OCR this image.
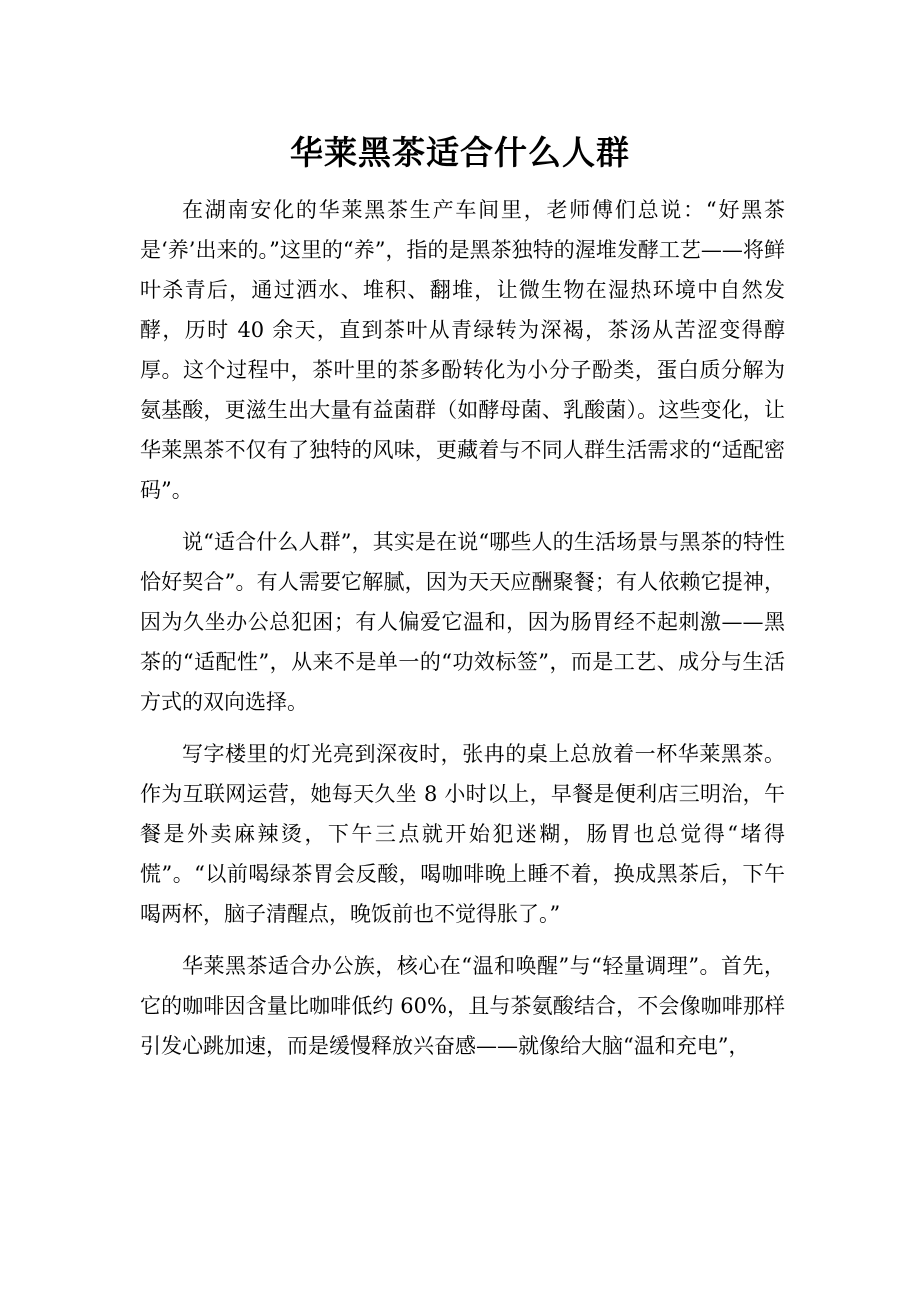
华莱黑茶适合什么人群

在湖南安化的华莱黑茶生产车间里，老师傅们总说：“好黑茶是‘养’出来的。”这里的“养”，指的是黑茶独特的渥堆发酵工艺——将鲜叶杀青后，通过洒水、堆积、翻堆，让微生物在湿热环境中自然发酵，历时 40 余天，直到茶叶从青绿转为深褐，茶汤从苦涩变得醇厚。这个过程中，茶叶里的茶多酚转化为小分子酚类，蛋白质分解为氨基酸，更滋生出大量有益菌群（如酵母菌、乳酸菌）。这些变化，让华莱黑茶不仅有了独特的风味，更藏着与不同人群生活需求的“适配密码”。

说“适合什么人群”，其实是在说“哪些人的生活场景与黑茶的特性恰好契合”。有人需要它解腻，因为天天应酬聚餐；有人依赖它提神，因为久坐办公总犯困；有人偏爱它温和，因为肠胃经不起刺激——黑茶的“适配性”，从来不是单一的“功效标签”，而是工艺、成分与生活方式的双向选择。

写字楼里的灯光亮到深夜时，张冉的桌上总放着一杯华莱黑茶。作为互联网运营，她每天久坐 8 小时以上，早餐是便利店三明治，午餐是外卖麻辣烫，下午三点就开始犯迷糊，肠胃也总觉得“堵得慌”。“以前喝绿茶胃会反酸，喝咖啡晚上睡不着，换成黑茶后，下午喝两杯，脑子清醒点，晚饭前也不觉得胀了。”

华莱黑茶适合办公族，核心在“温和唤醒”与“轻量调理”。首先，它的咖啡因含量比咖啡低约 60%，且与茶氨酸结合，不会像咖啡那样引发心跳加速，而是缓慢释放兴奋感——就像给大脑“温和充电”，
